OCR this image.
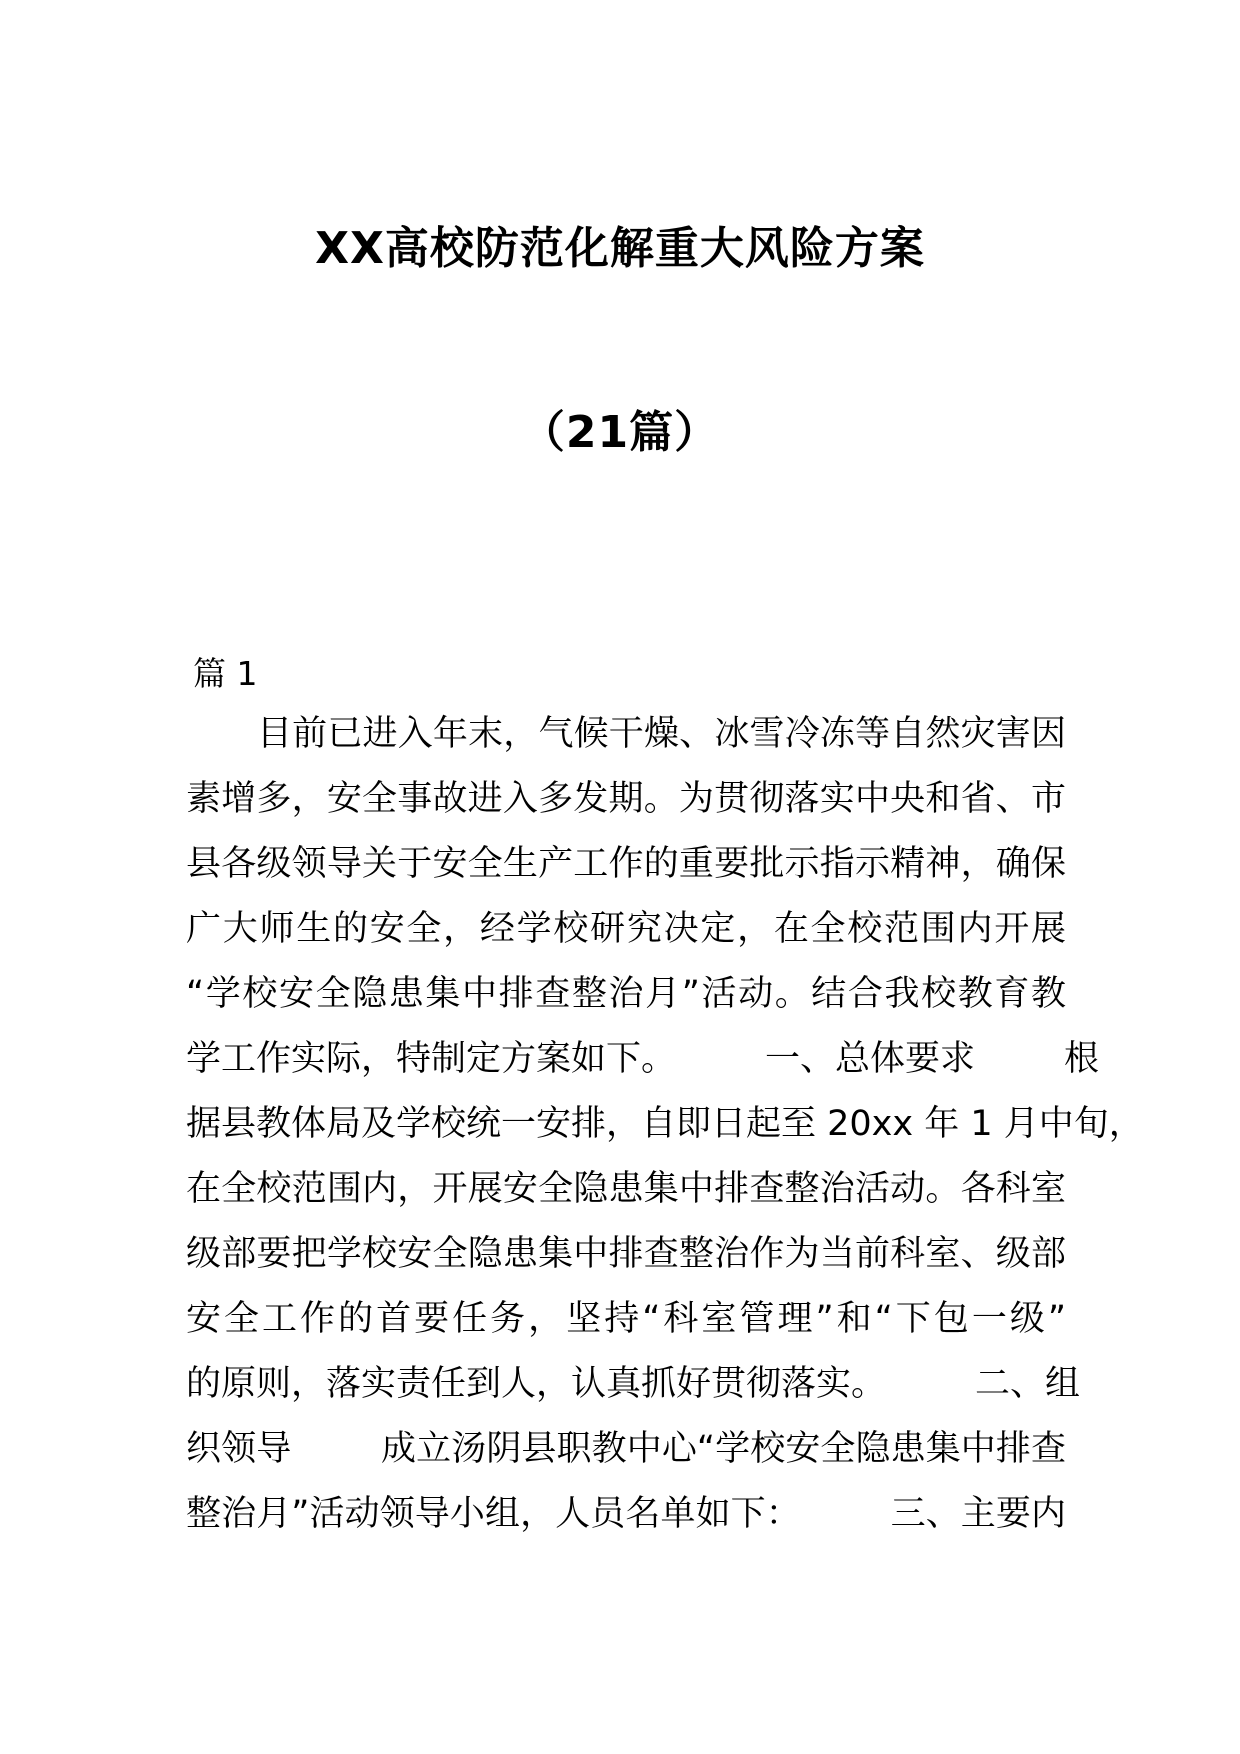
XX高校防范化解重大风险方案
（21篇）
篇 1
目前已进入年末，气候干燥、冰雪冷冻等自然灾害因
素增多，安全事故进入多发期。为贯彻落实中央和省、市
县各级领导关于安全生产工作的重要批示指示精神，确保
广大师生的安全，经学校研究决定，在全校范围内开展
“学校安全隐患集中排查整治月”活动。结合我校教育教
学工作实际，特制定方案如下。        一、总体要求        根
据县教体局及学校统一安排，自即日起至 20xx 年 1 月中旬，
在全校范围内，开展安全隐患集中排查整治活动。各科室
级部要把学校安全隐患集中排查整治作为当前科室、级部
安全工作的首要任务，坚持“科室管理”和“下包一级”
的原则，落实责任到人，认真抓好贯彻落实。        二、组
织领导        成立汤阴县职教中心“学校安全隐患集中排查
整治月”活动领导小组，人员名单如下：        三、主要内
